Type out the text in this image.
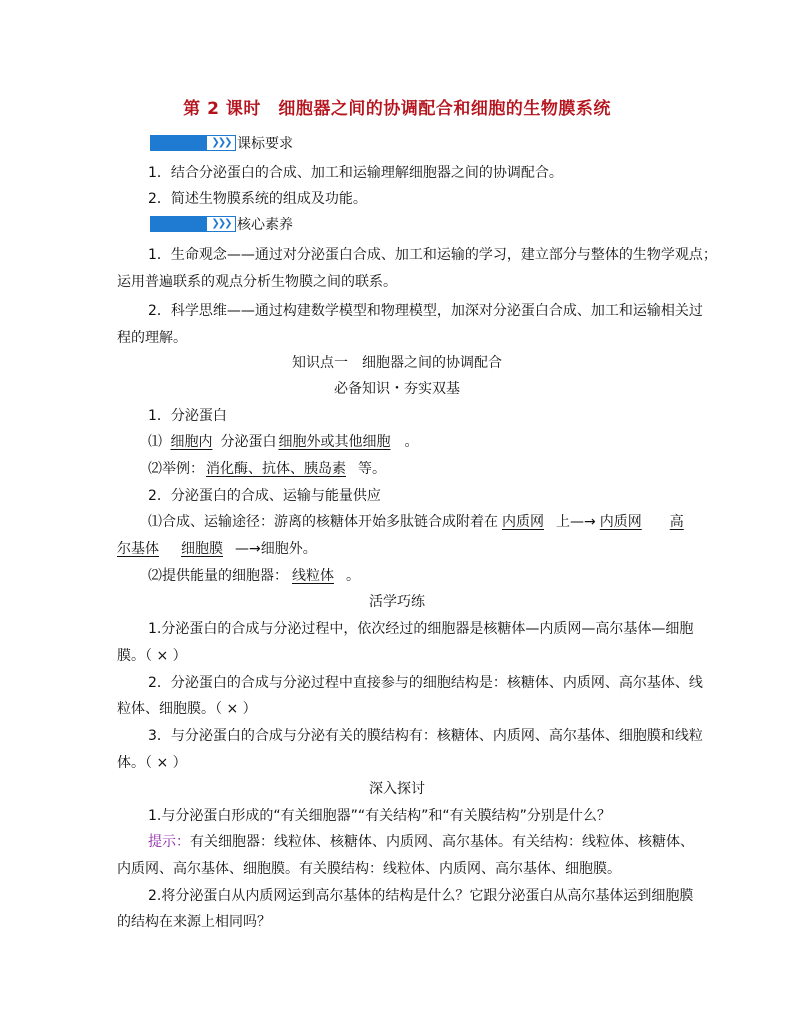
第 2 课时　细胞器之间的协调配合和细胞的生物膜系统
❯❯❯ 课标要求
1．结合分泌蛋白的合成、加工和运输理解细胞器之间的协调配合。
2．简述生物膜系统的组成及功能。
❯❯❯ 核心素养
1．生命观念——通过对分泌蛋白合成、加工和运输的学习，建立部分与整体的生物学观点；
运用普遍联系的观点分析生物膜之间的联系。
2．科学思维——通过构建数学模型和物理模型，加深对分泌蛋白合成、加工和运输相关过
程的理解。
知识点一　细胞器之间的协调配合
必备知识・夯实双基
1．分泌蛋白
⑴ 细胞内 分泌蛋白 细胞外或其他细胞 。
⑵举例： 消化酶、抗体、胰岛素 等。
2．分泌蛋白的合成、运输与能量供应
⑴合成、运输途径：游离的核糖体开始多肽链合成附着在 内质网 上—→ 内质网 高
尔基体 细胞膜 —→细胞外。
⑵提供能量的细胞器： 线粒体 。
活学巧练
1.分泌蛋白的合成与分泌过程中，依次经过的细胞器是核糖体—内质网—高尔基体—细胞
膜。（ × ）
2．分泌蛋白的合成与分泌过程中直接参与的细胞结构是：核糖体、内质网、高尔基体、线
粒体、细胞膜。（ × ）
3．与分泌蛋白的合成与分泌有关的膜结构有：核糖体、内质网、高尔基体、细胞膜和线粒
体。（ × ）
深入探讨
1.与分泌蛋白形成的“有关细胞器”“有关结构”和“有关膜结构”分别是什么？
提示：有关细胞器：线粒体、核糖体、内质网、高尔基体。有关结构：线粒体、核糖体、
内质网、高尔基体、细胞膜。有关膜结构：线粒体、内质网、高尔基体、细胞膜。
2.将分泌蛋白从内质网运到高尔基体的结构是什么？它跟分泌蛋白从高尔基体运到细胞膜
的结构在来源上相同吗？
